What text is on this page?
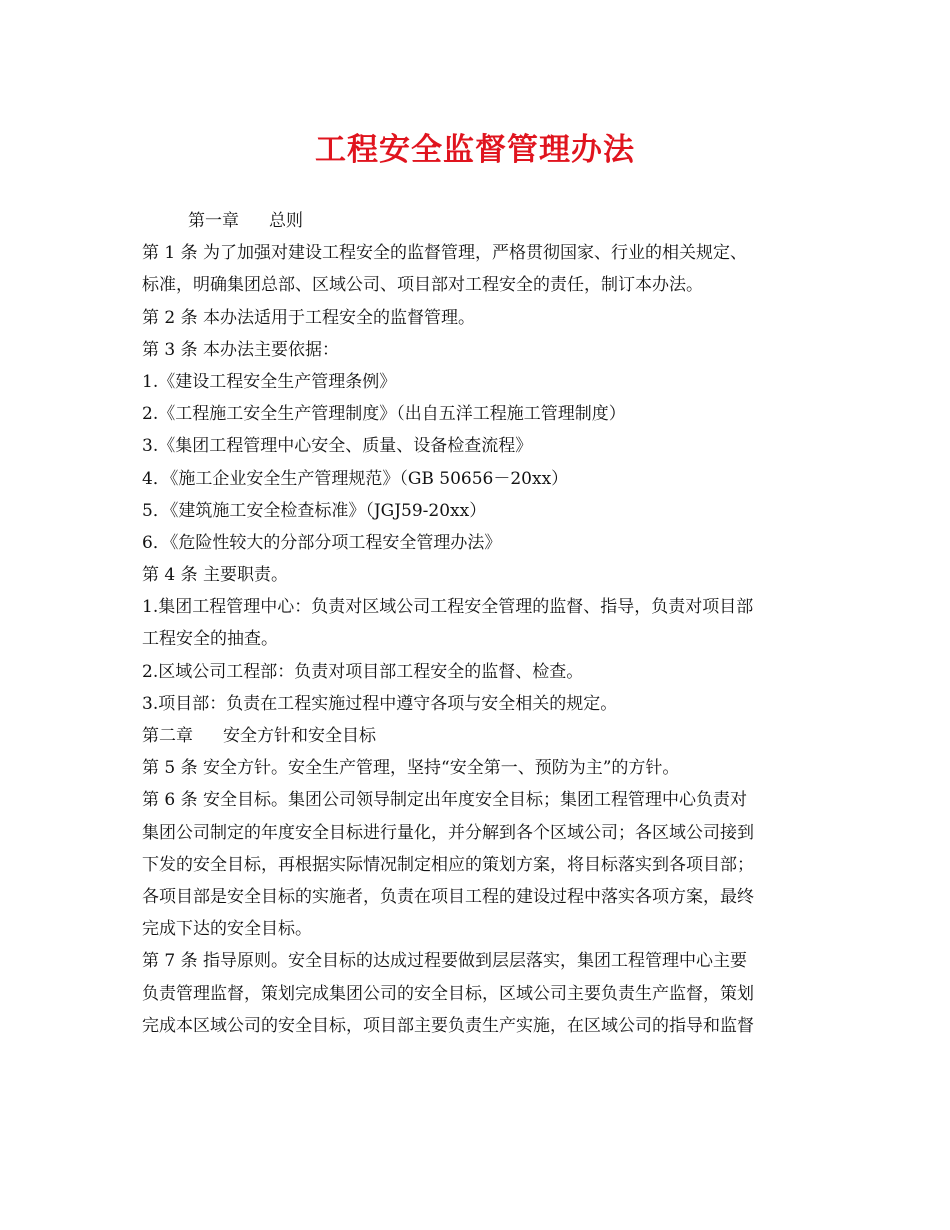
工程安全监督管理办法
第一章 总则
第 1 条 为了加强对建设工程安全的监督管理，严格贯彻国家、行业的相关规定、
标准，明确集团总部、区域公司、项目部对工程安全的责任，制订本办法。
第 2 条 本办法适用于工程安全的监督管理。
第 3 条 本办法主要依据：
1.《建设工程安全生产管理条例》
2.《工程施工安全生产管理制度》（出自五洋工程施工管理制度）
3.《集团工程管理中心安全、质量、设备检查流程》
4．《施工企业安全生产管理规范》（GB 50656－20xx）
5．《建筑施工安全检查标准》（JGJ59-20xx）
6．《危险性较大的分部分项工程安全管理办法》
第 4 条 主要职责。
1.集团工程管理中心：负责对区域公司工程安全管理的监督、指导，负责对项目部
工程安全的抽查。
2.区域公司工程部：负责对项目部工程安全的监督、检查。
3.项目部：负责在工程实施过程中遵守各项与安全相关的规定。
第二章 安全方针和安全目标
第 5 条 安全方针。安全生产管理，坚持“安全第一、预防为主”的方针。
第 6 条 安全目标。集团公司领导制定出年度安全目标；集团工程管理中心负责对
集团公司制定的年度安全目标进行量化，并分解到各个区域公司；各区域公司接到
下发的安全目标，再根据实际情况制定相应的策划方案，将目标落实到各项目部；
各项目部是安全目标的实施者，负责在项目工程的建设过程中落实各项方案，最终
完成下达的安全目标。
第 7 条 指导原则。安全目标的达成过程要做到层层落实，集团工程管理中心主要
负责管理监督，策划完成集团公司的安全目标，区域公司主要负责生产监督，策划
完成本区域公司的安全目标，项目部主要负责生产实施，在区域公司的指导和监督
